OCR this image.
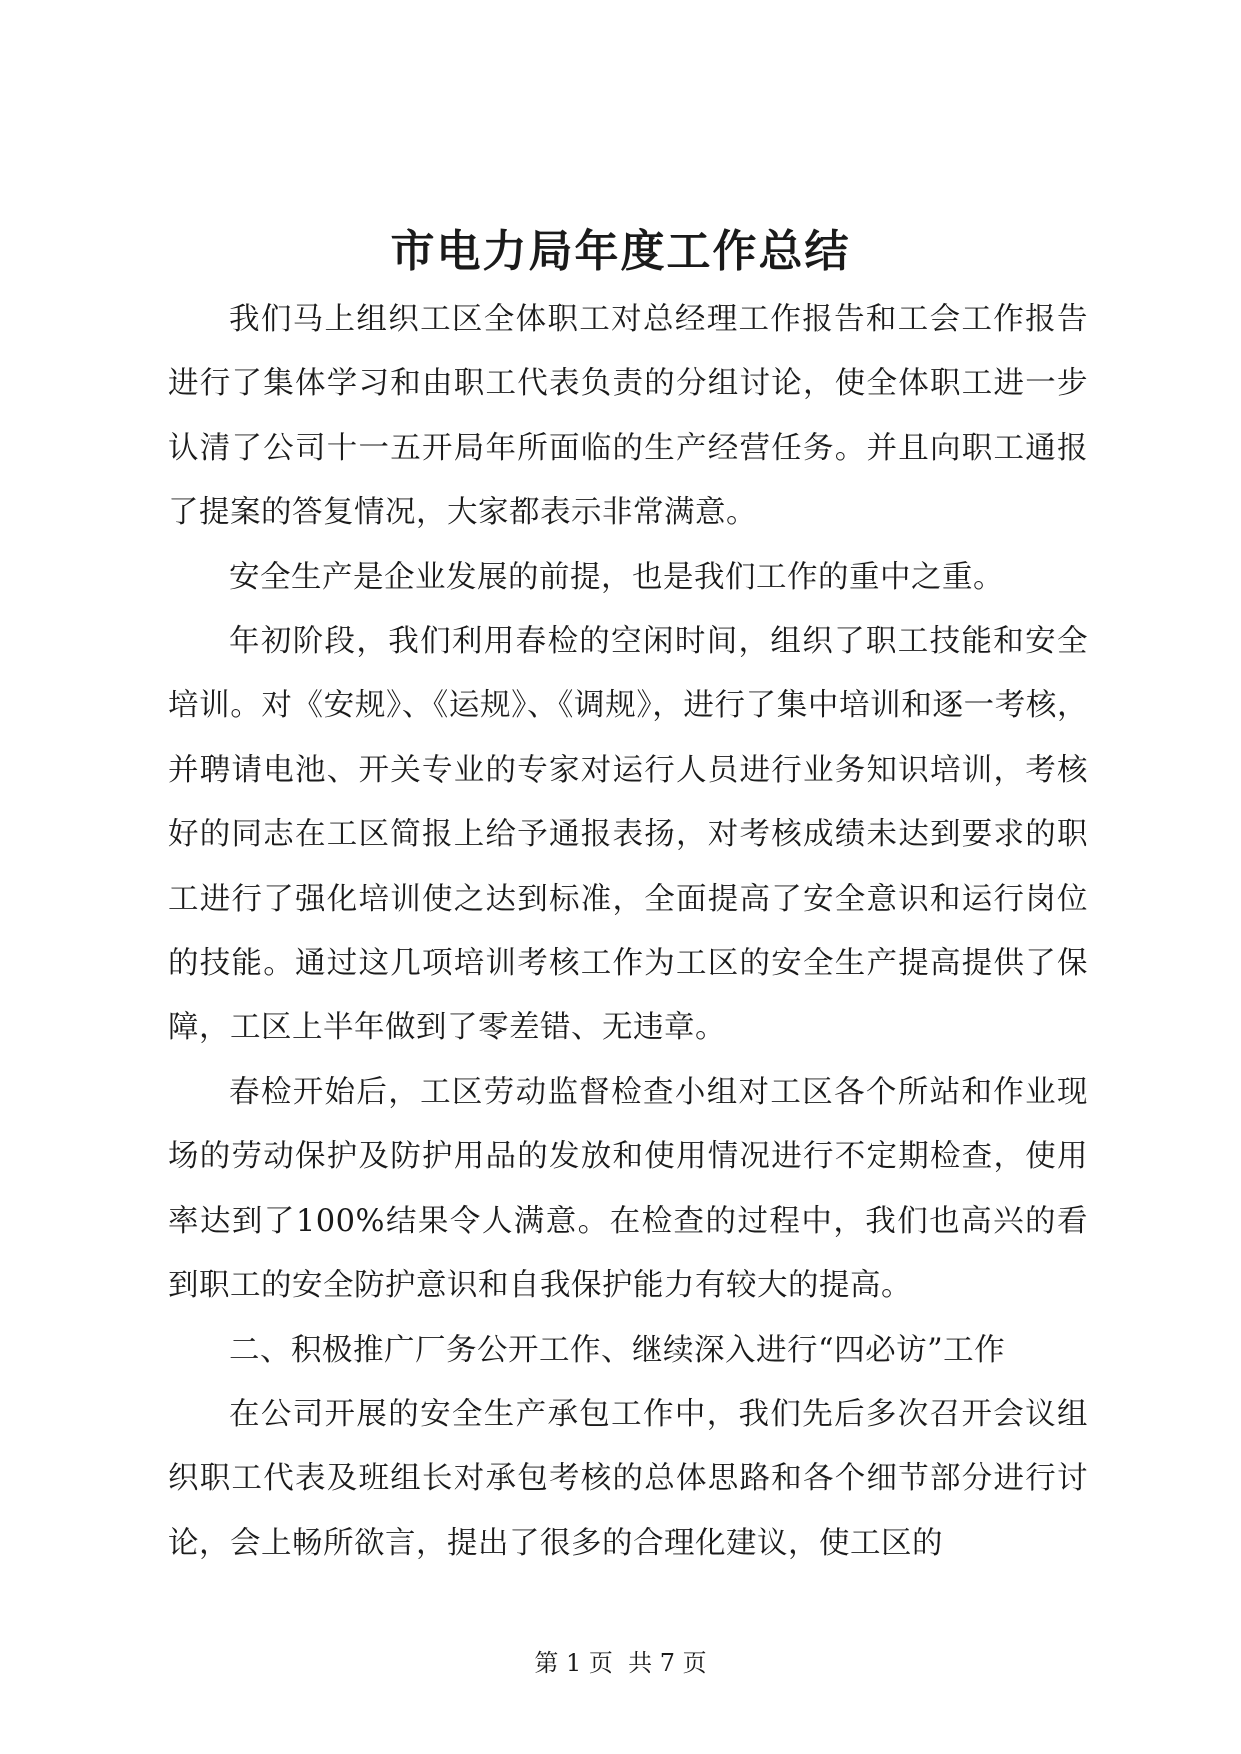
市电力局年度工作总结

我们马上组织工区全体职工对总经理工作报告和工会工作报告进行了集体学习和由职工代表负责的分组讨论，使全体职工进一步认清了公司十一五开局年所面临的生产经营任务。并且向职工通报了提案的答复情况，大家都表示非常满意。

安全生产是企业发展的前提，也是我们工作的重中之重。

年初阶段，我们利用春检的空闲时间，组织了职工技能和安全培训。对《安规》、《运规》、《调规》，进行了集中培训和逐一考核，并聘请电池、开关专业的专家对运行人员进行业务知识培训，考核好的同志在工区简报上给予通报表扬，对考核成绩未达到要求的职工进行了强化培训使之达到标准，全面提高了安全意识和运行岗位的技能。通过这几项培训考核工作为工区的安全生产提高提供了保障，工区上半年做到了零差错、无违章。

春检开始后，工区劳动监督检查小组对工区各个所站和作业现场的劳动保护及防护用品的发放和使用情况进行不定期检查，使用率达到了100%结果令人满意。在检查的过程中，我们也高兴的看到职工的安全防护意识和自我保护能力有较大的提高。

二、积极推广厂务公开工作、继续深入进行“四必访”工作

在公司开展的安全生产承包工作中，我们先后多次召开会议组织职工代表及班组长对承包考核的总体思路和各个细节部分进行讨论，会上畅所欲言，提出了很多的合理化建议，使工区的

第 1 页 共 7 页
